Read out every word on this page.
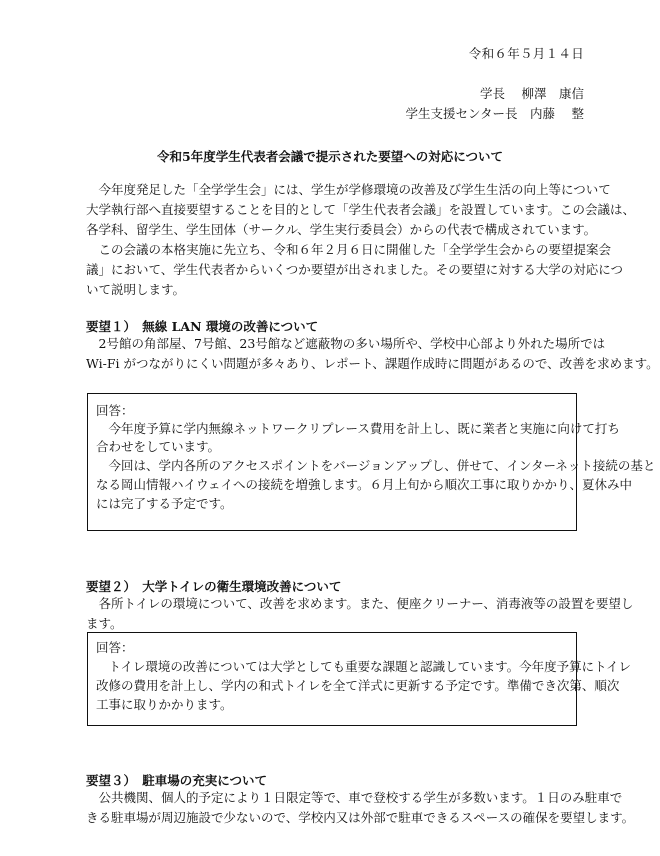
令和６年５月１４日
学長　 柳澤　康信
学生支援センター長　内藤　 整
令和5年度学生代表者会議で提示された要望への対応について
　今年度発足した「全学学生会」には、学生が学修環境の改善及び学生生活の向上等について
大学執行部へ直接要望することを目的として「学生代表者会議」を設置しています。この会議は、
各学科、留学生、学生団体（サークル、学生実行委員会）からの代表で構成されています。
　この会議の本格実施に先立ち、令和６年２月６日に開催した「全学学生会からの要望提案会
議」において、学生代表者からいくつか要望が出されました。その要望に対する大学の対応につ
いて説明します。
要望１）　無線 LAN 環境の改善について
　2号館の角部屋、7号館、23号館など遮蔽物の多い場所や、学校中心部より外れた場所では
Wi-Fi がつながりにくい問題が多々あり、レポート、課題作成時に問題があるので、改善を求めます。
回答：
　今年度予算に学内無線ネットワークリプレース費用を計上し、既に業者と実施に向けて打ち
合わせをしています。
　今回は、学内各所のアクセスポイントをバージョンアップし、併せて、インターネット接続の基と
なる岡山情報ハイウェイへの接続を増強します。６月上旬から順次工事に取りかかり、夏休み中
には完了する予定です。
要望２）　大学トイレの衛生環境改善について
　各所トイレの環境について、改善を求めます。また、便座クリーナー、消毒液等の設置を要望し
ます。
回答：
　トイレ環境の改善については大学としても重要な課題と認識しています。今年度予算にトイレ
改修の費用を計上し、学内の和式トイレを全て洋式に更新する予定です。準備でき次第、順次
工事に取りかかります。
要望３）　駐車場の充実について
　公共機関、個人的予定により１日限定等で、車で登校する学生が多数います。１日のみ駐車で
きる駐車場が周辺施設で少ないので、学校内又は外部で駐車できるスペースの確保を要望します。
